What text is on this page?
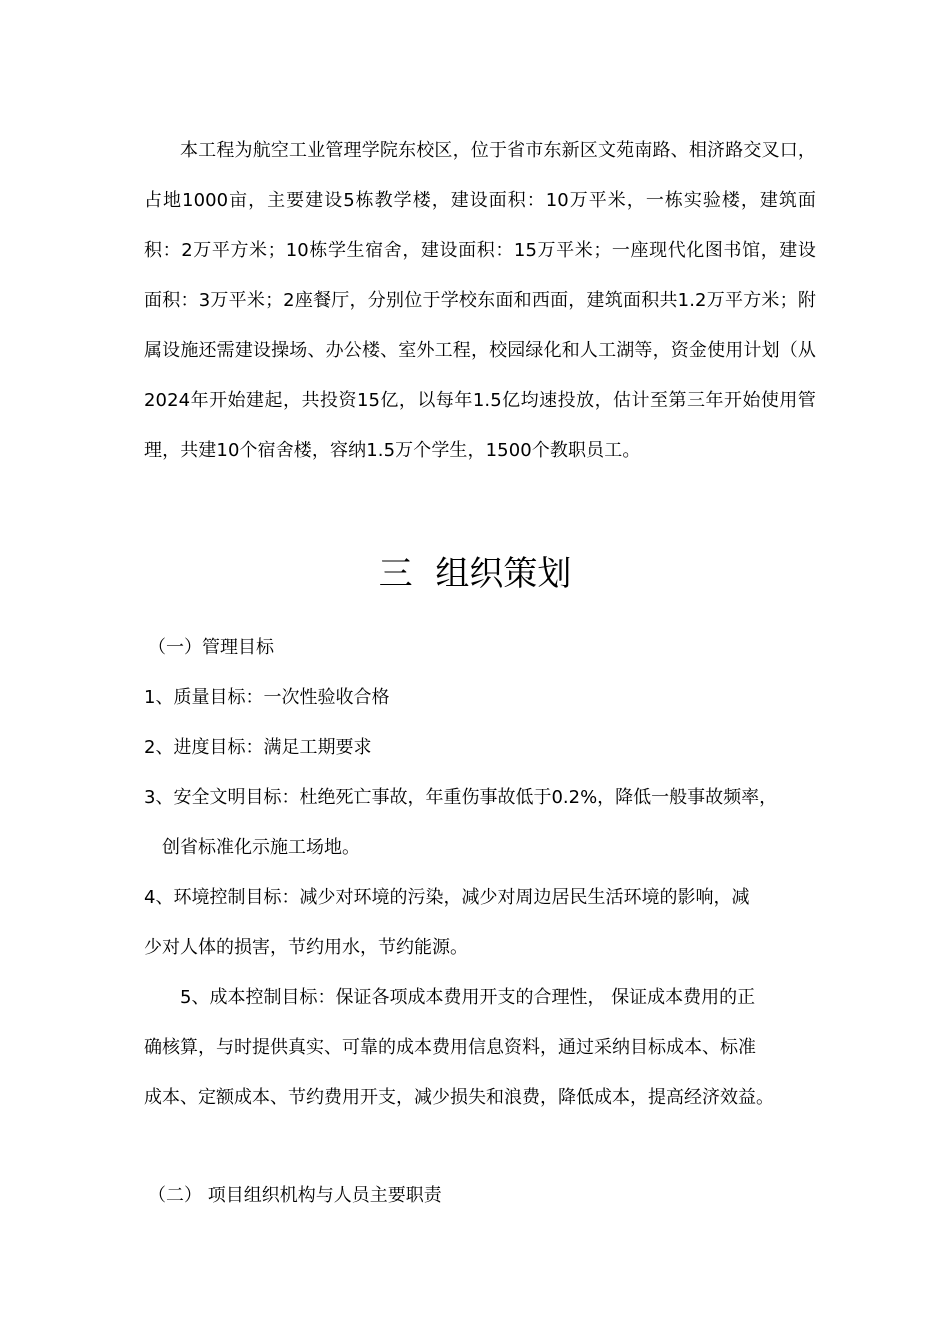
本工程为航空工业管理学院东校区，位于省市东新区文苑南路、相济路交叉口，占地1000亩，主要建设5栋教学楼，建设面积：10万平米，一栋实验楼，建筑面积：2万平方米；10栋学生宿舍，建设面积：15万平米；一座现代化图书馆，建设面积：3万平米；2座餐厅，分别位于学校东面和西面，建筑面积共1.2万平方米；附属设施还需建设操场、办公楼、室外工程，校园绿化和人工湖等，资金使用计划（从2024年开始建起，共投资15亿，以每年1.5亿均速投放，估计至第三年开始使用管理，共建10个宿舍楼，容纳1.5万个学生，1500个教职员工。

三 组织策划

（一）管理目标

1、质量目标：一次性验收合格

2、进度目标：满足工期要求

3、安全文明目标：杜绝死亡事故，年重伤事故低于0.2%，降低一般事故频率，

创省标准化示施工场地。

4、环境控制目标：减少对环境的污染，减少对周边居民生活环境的影响，减

少对人体的损害，节约用水，节约能源。

5、成本控制目标：保证各项成本费用开支的合理性， 保证成本费用的正

确核算，与时提供真实、可靠的成本费用信息资料，通过采纳目标成本、标准

成本、定额成本、节约费用开支，减少损失和浪费，降低成本，提高经济效益。

（二） 项目组织机构与人员主要职责
